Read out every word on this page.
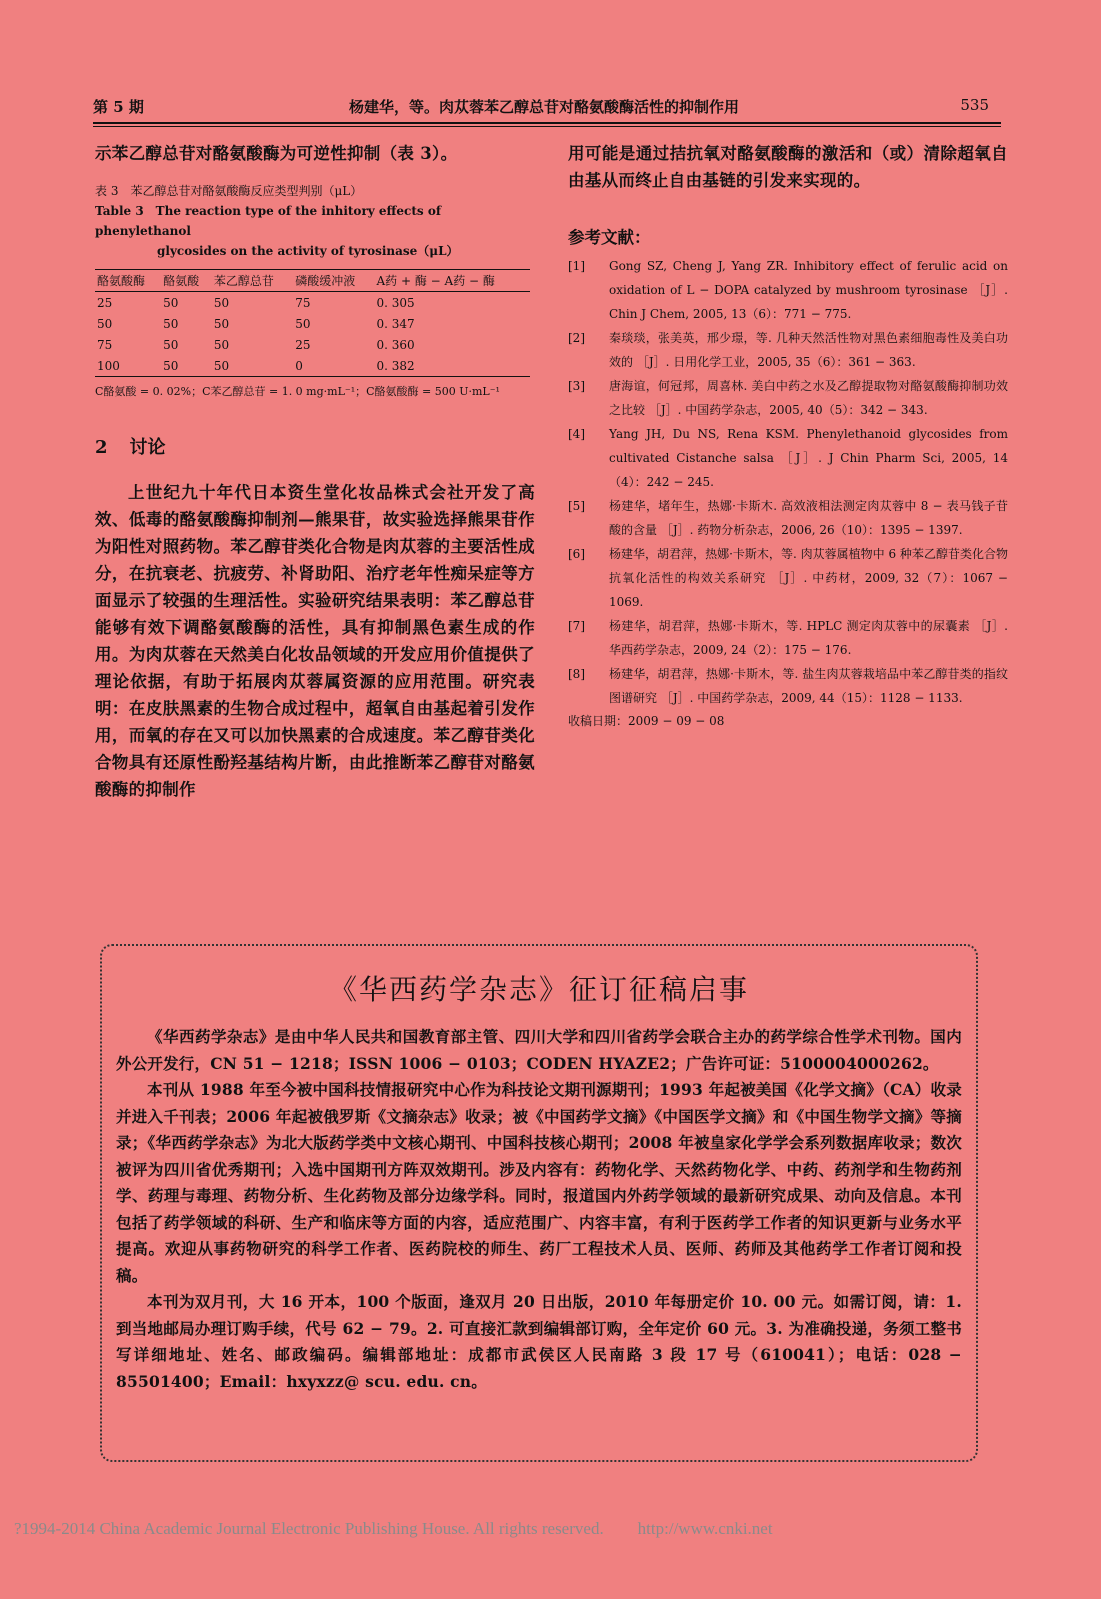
第 5 期	杨建华，等。肉苁蓉苯乙醇总苷对酪氨酸酶活性的抑制作用	535

示苯乙醇总苷对酪氨酸酶为可逆性抑制（表 3）。

表 3　苯乙醇总苷对酪氨酸酶反应类型判别（μL）

Table 3　The reaction type of the inhitory effects of phenylethanol
glycosides on the activity of tyrosinase（μL）

酪氨酸酶	酪氨酸	苯乙醇总苷	磷酸缓冲液	A药 + 酶 − A药 − 酶
25	50	50	75	0. 305
50	50	50	50	0. 347
75	50	50	25	0. 360
100	50	50	0	0. 382
C酪氨酸 = 0. 02%；C苯乙醇总苷 = 1. 0 mg·mL⁻¹；C酪氨酸酶 = 500 U·mL⁻¹
2 讨论

上世纪九十年代日本资生堂化妆品株式会社开发了高效、低毒的酪氨酸酶抑制剂—熊果苷，故实验选择熊果苷作为阳性对照药物。苯乙醇苷类化合物是肉苁蓉的主要活性成分，在抗衰老、抗疲劳、补肾助阳、治疗老年性痴呆症等方面显示了较强的生理活性。实验研究结果表明：苯乙醇总苷能够有效下调酪氨酸酶的活性，具有抑制黑色素生成的作用。为肉苁蓉在天然美白化妆品领域的开发应用价值提供了理论依据，有助于拓展肉苁蓉属资源的应用范围。研究表明：在皮肤黑素的生物合成过程中，超氧自由基起着引发作用，而氧的存在又可以加快黑素的合成速度。苯乙醇苷类化合物具有还原性酚羟基结构片断，由此推断苯乙醇苷对酪氨酸酶的抑制作

用可能是通过拮抗氧对酪氨酸酶的激活和（或）清除超氧自由基从而终止自由基链的引发来实现的。

参考文献：
[1] Gong SZ, Cheng J, Yang ZR. Inhibitory effect of ferulic acid on oxidation of L − DOPA catalyzed by mushroom tyrosinase ［J］. Chin J Chem, 2005, 13（6）：771 − 775.
[2] 秦琰琰，张美英，邢少璟，等. 几种天然活性物对黑色素细胞毒性及美白功效的 ［J］. 日用化学工业，2005, 35（6）：361 − 363.
[3] 唐海谊，何冠邦，周喜林. 美白中药之水及乙醇提取物对酪氨酸酶抑制功效之比较 ［J］. 中国药学杂志，2005, 40（5）：342 − 343.
[4] Yang JH, Du NS, Rena KSM. Phenylethanoid glycosides from cultivated Cistanche salsa ［J］. J Chin Pharm Sci, 2005, 14（4）：242 − 245.
[5] 杨建华，堵年生，热娜·卡斯木. 高效液相法测定肉苁蓉中 8 − 表马钱子苷酸的含量 ［J］. 药物分析杂志，2006, 26（10）：1395 − 1397.
[6] 杨建华，胡君萍，热娜·卡斯木，等. 肉苁蓉属植物中 6 种苯乙醇苷类化合物抗氧化活性的构效关系研究 ［J］. 中药材，2009, 32（7）：1067 − 1069.
[7] 杨建华，胡君萍，热娜·卡斯木，等. HPLC 测定肉苁蓉中的尿囊素 ［J］. 华西药学杂志，2009, 24（2）：175 − 176.
[8] 杨建华，胡君萍，热娜·卡斯木，等. 盐生肉苁蓉栽培品中苯乙醇苷类的指纹图谱研究 ［J］. 中国药学杂志，2009, 44（15）：1128 − 1133.
收稿日期：2009 − 09 − 08
《华西药学杂志》征订征稿启事

《华西药学杂志》是由中华人民共和国教育部主管、四川大学和四川省药学会联合主办的药学综合性学术刊物。国内外公开发行，CN 51 − 1218；ISSN 1006 − 0103；CODEN HYAZE2；广告许可证：5100004000262。

本刊从 1988 年至今被中国科技情报研究中心作为科技论文期刊源期刊；1993 年起被美国《化学文摘》（CA）收录并进入千刊表；2006 年起被俄罗斯《文摘杂志》收录；被《中国药学文摘》《中国医学文摘》和《中国生物学文摘》等摘录；《华西药学杂志》为北大版药学类中文核心期刊、中国科技核心期刊；2008 年被皇家化学学会系列数据库收录；数次被评为四川省优秀期刊；入选中国期刊方阵双效期刊。涉及内容有：药物化学、天然药物化学、中药、药剂学和生物药剂学、药理与毒理、药物分析、生化药物及部分边缘学科。同时，报道国内外药学领域的最新研究成果、动向及信息。本刊包括了药学领域的科研、生产和临床等方面的内容，适应范围广、内容丰富，有利于医药学工作者的知识更新与业务水平提高。欢迎从事药物研究的科学工作者、医药院校的师生、药厂工程技术人员、医师、药师及其他药学工作者订阅和投稿。

本刊为双月刊，大 16 开本，100 个版面，逢双月 20 日出版，2010 年每册定价 10. 00 元。如需订阅，请：1. 到当地邮局办理订购手续，代号 62 − 79。2. 可直接汇款到编辑部订购，全年定价 60 元。3. 为准确投递，务须工整书写详细地址、姓名、邮政编码。编辑部地址：成都市武侯区人民南路 3 段 17 号（610041）；电话：028 − 85501400；Email：hxyxzz@ scu. edu. cn。

?1994-2014 China Academic Journal Electronic Publishing House. All rights reserved.　　http://www.cnki.net
